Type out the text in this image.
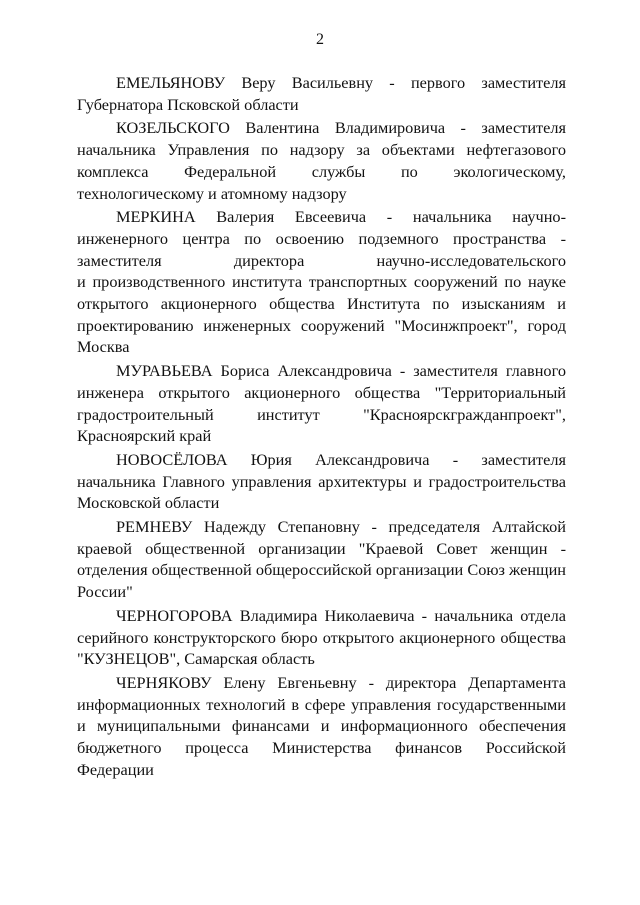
2
ЕМЕЛЬЯНОВУ Веру Васильевну - первого заместителя
Губернатора Псковской области
КОЗЕЛЬСКОГО Валентина Владимировича - заместителя
начальника Управления по надзору за объектами нефтегазового
комплекса Федеральной службы по экологическому,
технологическому и атомному надзору
МЕРКИНА Валерия Евсеевича - начальника научно-
инженерного центра по освоению подземного пространства -
заместителя директора научно-исследовательского
и производственного института транспортных сооружений по науке
открытого акционерного общества Института по изысканиям и
проектированию инженерных сооружений "Мосинжпроект", город
Москва
МУРАВЬЕВА Бориса Александровича - заместителя главного
инженера открытого акционерного общества "Территориальный
градостроительный институт "Красноярскгражданпроект",
Красноярский край
НОВОСЁЛОВА Юрия Александровича - заместителя
начальника Главного управления архитектуры и градостроительства
Московской области
РЕМНЕВУ Надежду Степановну - председателя Алтайской
краевой общественной организации "Краевой Совет женщин -
отделения общественной общероссийской организации Союз женщин
России"
ЧЕРНОГОРОВА Владимира Николаевича - начальника отдела
серийного конструкторского бюро открытого акционерного общества
"КУЗНЕЦОВ", Самарская область
ЧЕРНЯКОВУ Елену Евгеньевну - директора Департамента
информационных технологий в сфере управления государственными
и муниципальными финансами и информационного обеспечения
бюджетного процесса Министерства финансов Российской
Федерации
